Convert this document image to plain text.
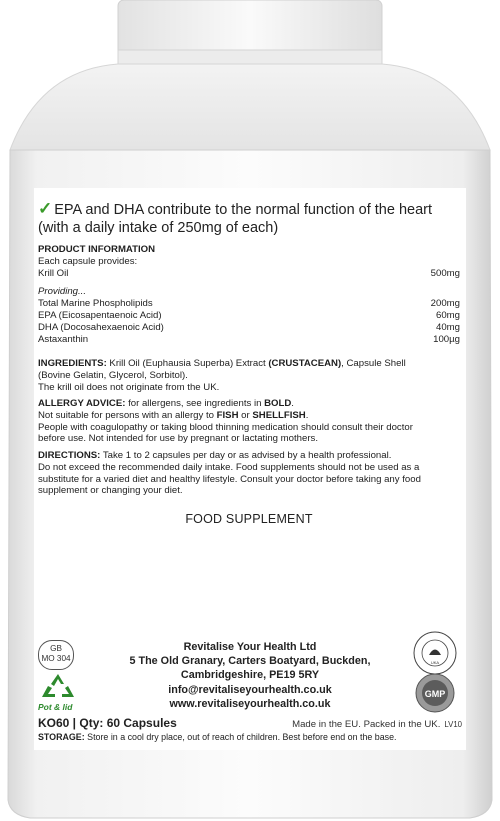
✓ EPA and DHA contribute to the normal function of the heart
(with a daily intake of 250mg of each)
PRODUCT INFORMATION
Each capsule provides:
Krill Oil	500mg
Providing...
Total Marine Phospholipids	200mg
EPA (Eicosapentaenoic Acid)	60mg
DHA (Docosahexaenoic Acid)	40mg
Astaxanthin	100µg
INGREDIENTS: Krill Oil (Euphausia Superba) Extract (CRUSTACEAN), Capsule Shell
(Bovine Gelatin, Glycerol, Sorbitol).
The krill oil does not originate from the UK.
ALLERGY ADVICE: for allergens, see ingredients in BOLD.
Not suitable for persons with an allergy to FISH or SHELLFISH.
People with coagulopathy or taking blood thinning medication should consult their doctor
before use. Not intended for use by pregnant or lactating mothers.
DIRECTIONS: Take 1 to 2 capsules per day or as advised by a health professional.
Do not exceed the recommended daily intake. Food supplements should not be used as a
substitute for a varied diet and healthy lifestyle. Consult your doctor before taking any food
supplement or changing your diet.
FOOD SUPPLEMENT
GB
MO 304
Pot & lid
Revitalise Your Health Ltd
5 The Old Granary, Carters Boatyard, Buckden,
Cambridgeshire, PE19 5RY
info@revitaliseyourhealth.co.uk
www.revitaliseyourhealth.co.uk
UKA
GMP
KO60 | Qty: 60 Capsules	Made in the EU. Packed in the UK. LV10
STORAGE: Store in a cool dry place, out of reach of children. Best before end on the base.
